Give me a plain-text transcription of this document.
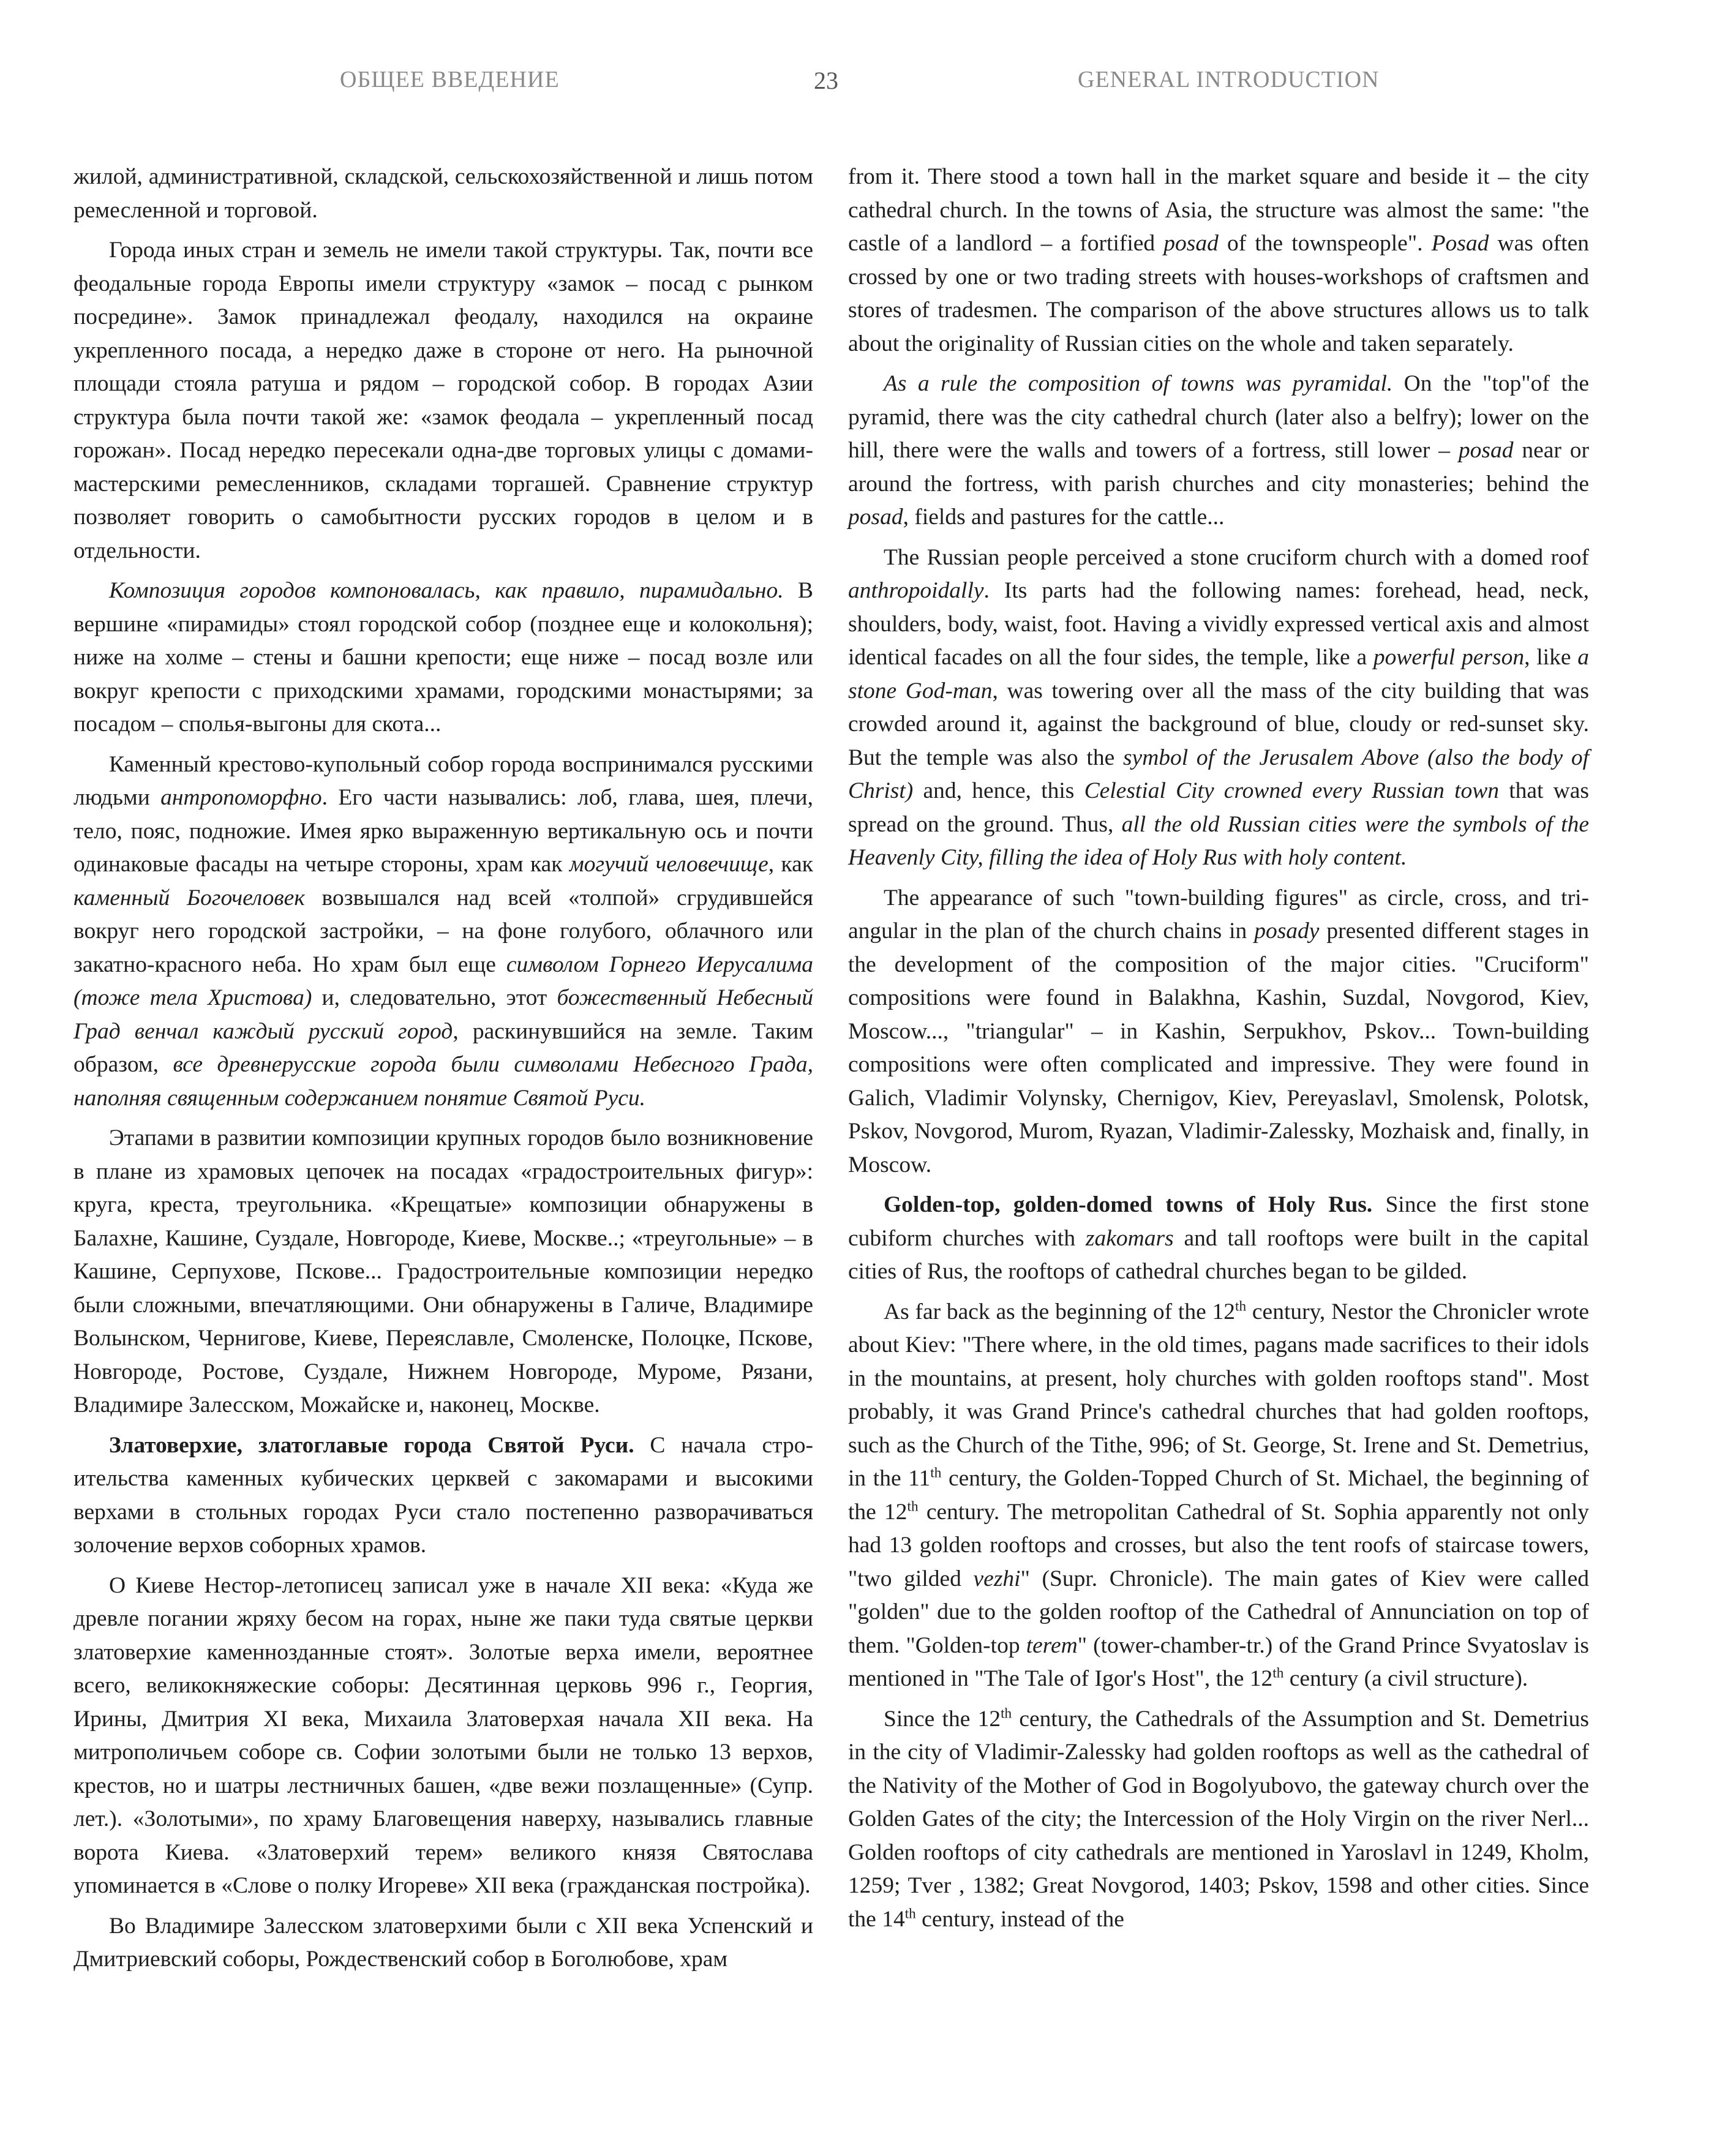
ОБЩЕЕ ВВЕДЕНИЕ	23	GENERAL INTRODUCTION

жилой, административной, складской, сельскохозяйственной и лишь потом ремесленной и торговой.

Города иных стран и земель не имели такой структуры. Так, почти все феодальные города Европы имели структуру «замок – посад с рынком посредине». Замок принадлежал феодалу, находился на окраине укрепленного посада, а нередко даже в стороне от него. На рыночной площади стояла ратуша и рядом – городской собор. В городах Азии структура была почти такой же: «замок феодала – укрепленный посад горожан». Посад нередко пересекали одна-две торговых улицы с домами-мастерскими ремесленников, складами торгашей. Сравнение структур позволяет говорить о самобытности русских городов в целом и в отдельности.

Композиция городов компоновалась, как правило, пирамидально. В вершине «пирамиды» стоял городской собор (позднее еще и колокольня); ниже на холме – стены и башни крепости; еще ниже – посад возле или вокруг крепости с приходскими храмами, городскими монастырями; за посадом – сполья-выгоны для скота...

Каменный крестово-купольный собор города воспринимался русскими людьми антропоморфно. Его части назывались: лоб, глава, шея, плечи, тело, пояс, подножие. Имея ярко выраженную вертикальную ось и почти одинаковые фасады на четыре стороны, храм как могучий человечище, как каменный Богочеловек возвышался над всей «толпой» сгрудившейся вокруг него городской застройки, – на фоне голубого, облачного или закатно-красного неба. Но храм был еще символом Горнего Иерусалима (тоже тела Христова) и, следовательно, этот божественный Небесный Град венчал каждый русский город, раскинувшийся на земле. Таким образом, все древнерусские города были символами Небесного Града, наполняя священным содержанием понятие Святой Руси.

Этапами в развитии композиции крупных городов было возникновение в плане из храмовых цепочек на посадах «градостроительных фигур»: круга, креста, треугольника. «Крещатые» композиции обнаружены в Балахне, Кашине, Суздале, Новгороде, Киеве, Москве..; «треугольные» – в Кашине, Серпухове, Пскове... Градостроительные композиции нередко были сложными, впечатляющими. Они обнаружены в Галиче, Владимире Волынском, Чернигове, Киеве, Переяславле, Смоленске, Полоцке, Пскове, Новгороде, Ростове, Суздале, Нижнем Новгороде, Муроме, Рязани, Владимире Залесском, Можайске и, наконец, Москве.

Златоверхие, златоглавые города Святой Руси. С начала строительства каменных кубических церквей с закомарами и высокими верхами в стольных городах Руси стало постепенно разворачиваться золочение верхов соборных храмов.

О Киеве Нестор-летописец записал уже в начале XII века: «Куда же древле погании жряху бесом на горах, ныне же паки туда святые церкви златоверхие каменнозданные стоят». Золотые верха имели, вероятнее всего, великокняжеские соборы: Десятинная церковь 996 г., Георгия, Ирины, Дмитрия XI века, Михаила Златоверхая начала XII века. На митрополичьем соборе св. Софии золотыми были не только 13 верхов, крестов, но и шатры лестничных башен, «две вежи позлащенные» (Супр. лет.). «Золотыми», по храму Благовещения наверху, назывались главные ворота Киева. «Златоверхий терем» великого князя Святослава упоминается в «Слове о полку Игореве» XII века (гражданская постройка).

Во Владимире Залесском златоверхими были с XII века Успенский и Дмитриевский соборы, Рождественский собор в Боголюбове, храм

from it. There stood a town hall in the market square and beside it – the city cathedral church. In the towns of Asia, the structure was almost the same: "the castle of a landlord – a fortified posad of the townspeople". Posad was often crossed by one or two trading streets with houses-workshops of craftsmen and stores of tradesmen. The comparison of the above structures allows us to talk about the originality of Russian cities on the whole and taken separately.

As a rule the composition of towns was pyramidal. On the "top"of the pyramid, there was the city cathedral church (later also a belfry); lower on the hill, there were the walls and towers of a fortress, still lower – posad near or around the fortress, with parish churches and city monasteries; behind the posad, fields and pastures for the cattle...

The Russian people perceived a stone cruciform church with a domed roof anthropoidally. Its parts had the following names: forehead, head, neck, shoulders, body, waist, foot. Having a vividly expressed vertical axis and almost identical facades on all the four sides, the temple, like a powerful person, like a stone God-man, was towering over all the mass of the city building that was crowded around it, against the background of blue, cloudy or red-sunset sky. But the temple was also the symbol of the Jerusalem Above (also the body of Christ) and, hence, this Celestial City crowned every Russian town that was spread on the ground. Thus, all the old Russian cities were the symbols of the Heavenly City, filling the idea of Holy Rus with holy content.

The appearance of such "town-building figures" as circle, cross, and triangular in the plan of the church chains in posady presented different stages in the development of the composition of the major cities. "Cruciform" compositions were found in Balakhna, Kashin, Suzdal, Novgorod, Kiev, Moscow..., "triangular" – in Kashin, Serpukhov, Pskov... Town-building compositions were often complicated and impressive. They were found in Galich, Vladimir Volynsky, Chernigov, Kiev, Pereyaslavl, Smolensk, Polotsk, Pskov, Novgorod, Murom, Ryazan, Vladimir-Zalessky, Mozhaisk and, finally, in Moscow.

Golden-top, golden-domed towns of Holy Rus. Since the first stone cubiform churches with zakomars and tall rooftops were built in the capital cities of Rus, the rooftops of cathedral churches began to be gilded.

As far back as the beginning of the 12th century, Nestor the Chronicler wrote about Kiev: "There where, in the old times, pagans made sacrifices to their idols in the mountains, at present, holy churches with golden rooftops stand". Most probably, it was Grand Prince's cathedral churches that had golden rooftops, such as the Church of the Tithe, 996; of St. George, St. Irene and St. Demetrius, in the 11th century, the Golden-Topped Church of St. Michael, the beginning of the 12th century. The metropolitan Cathedral of St. Sophia apparently not only had 13 golden rooftops and crosses, but also the tent roofs of staircase towers, "two gilded vezhi" (Supr. Chronicle). The main gates of Kiev were called "golden" due to the golden rooftop of the Cathedral of Annunciation on top of them. "Golden-top terem" (tower-chamber-tr.) of the Grand Prince Svyatoslav is mentioned in "The Tale of Igor's Host", the 12th century (a civil structure).

Since the 12th century, the Cathedrals of the Assumption and St. Demetrius in the city of Vladimir-Zalessky had golden rooftops as well as the cathedral of the Nativity of the Mother of God in Bogolyubovo, the gateway church over the Golden Gates of the city; the Intercession of the Holy Virgin on the river Nerl... Golden rooftops of city cathedrals are mentioned in Yaroslavl in 1249, Kholm, 1259; Tver , 1382; Great Novgorod, 1403; Pskov, 1598 and other cities. Since the 14th century, instead of the
